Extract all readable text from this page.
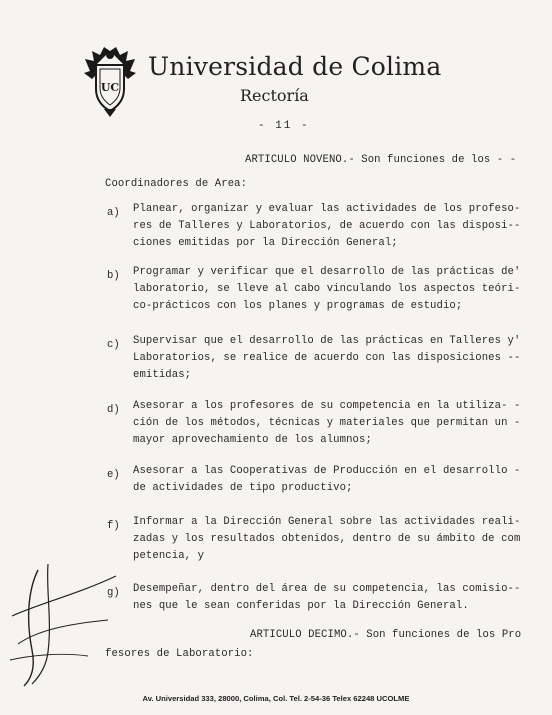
UC
Universidad de Colima
Rectoría
- 11 -
ARTICULO NOVENO.- Son funciones de los - -
Coordinadores de Area:
a) Planear, organizar y evaluar las actividades de los profeso-
res de Talleres y Laboratorios, de acuerdo con las disposi--
ciones emitidas por la Dirección General;
b) Programar y verificar que el desarrollo de las prácticas de'
laboratorio, se lleve al cabo vinculando los aspectos teóri-
co-prácticos con los planes y programas de estudio;
c) Supervisar que el desarrollo de las prácticas en Talleres y'
Laboratorios, se realice de acuerdo con las disposiciones --
emitidas;
d) Asesorar a los profesores de su competencia en la utiliza- -
ción de los métodos, técnicas y materiales que permitan un -
mayor aprovechamiento de los alumnos;
e) Asesorar a las Cooperativas de Producción en el desarrollo -
de actividades de tipo productivo;
f) Informar a la Dirección General sobre las actividades reali-
zadas y los resultados obtenidos, dentro de su ámbito de com
petencia, y
g) Desempeñar, dentro del área de su competencia, las comisio--
nes que le sean conferidas por la Dirección General.
ARTICULO DECIMO.- Son funciones de los Pro
fesores de Laboratorio:
Av. Universidad 333, 28000, Colima, Col. Tel. 2-54-36 Telex 62248 UCOLME
